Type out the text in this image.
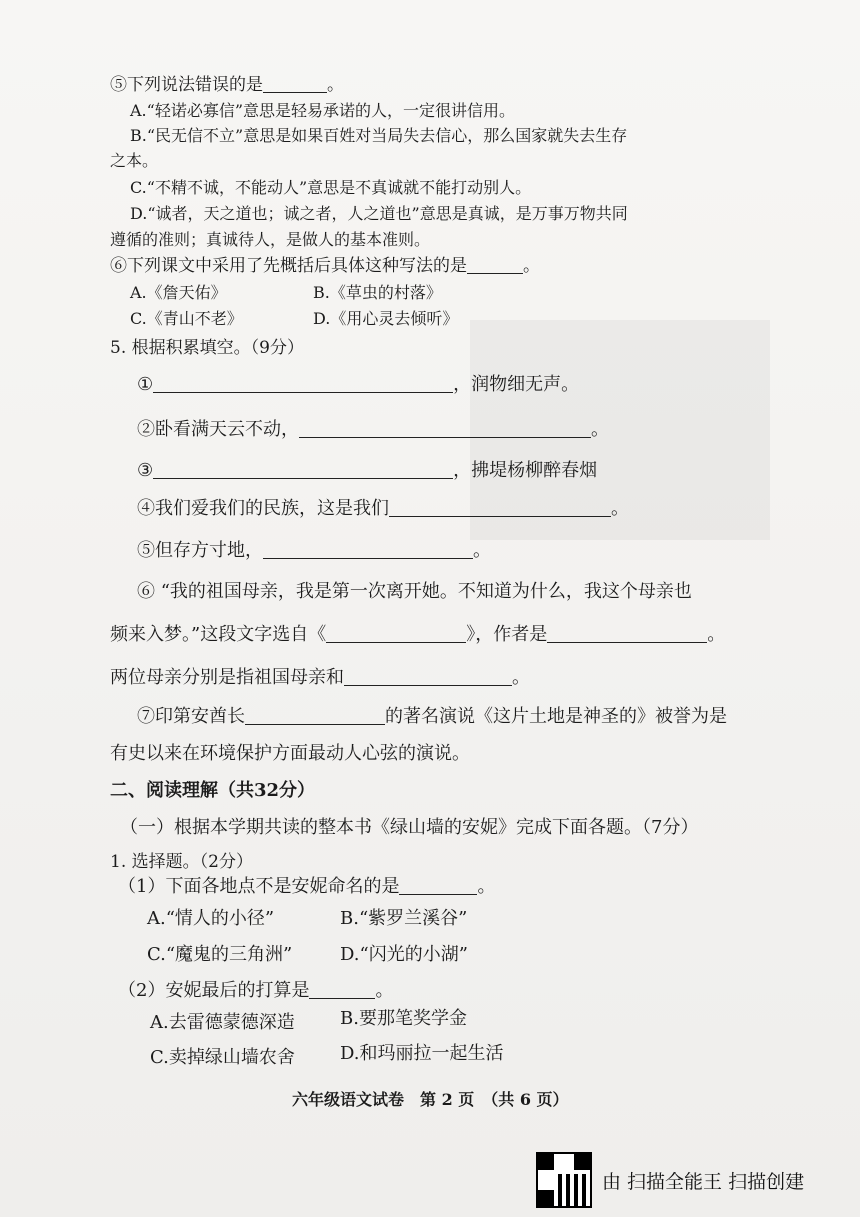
⑤下列说法错误的是	。
A.“轻诺必寡信”意思是轻易承诺的人，一定很讲信用。
B.“民无信不立”意思是如果百姓对当局失去信心，那么国家就失去生存
之本。
C.“不精不诚，不能动人”意思是不真诚就不能打动别人。
D.“诚者，天之道也；诚之者，人之道也”意思是真诚，是万事万物共同
遵循的准则；真诚待人，是做人的基本准则。
⑥下列课文中采用了先概括后具体这种写法的是	。
A.《詹天佑》	B.《草虫的村落》
C.《青山不老》	D.《用心灵去倾听》
5. 根据积累填空。（9分）
①	，润物细无声。
②卧看满天云不动，	。
③	，拂堤杨柳醉春烟
④我们爱我们的民族，这是我们	。
⑤但存方寸地，	。
⑥ “我的祖国母亲，我是第一次离开她。不知道为什么，我这个母亲也
频来入梦。”这段文字选自《	》，作者是	。
两位母亲分别是指祖国母亲和	。
⑦印第安酋长	的著名演说《这片土地是神圣的》被誉为是
有史以来在环境保护方面最动人心弦的演说。
二、阅读理解（共32分）
（一）根据本学期共读的整本书《绿山墙的安妮》完成下面各题。（7分）
1. 选择题。（2分）
（1）下面各地点不是安妮命名的是	。
A.“情人的小径”	B.“紫罗兰溪谷”
C.“魔鬼的三角洲”	D.“闪光的小湖”
（2）安妮最后的打算是	。
A.去雷德蒙德深造	B.要那笔奖学金
C.卖掉绿山墙农舍	D.和玛丽拉一起生活
六年级语文试卷　第 2 页　（共 6 页）
由 扫描全能王 扫描创建
